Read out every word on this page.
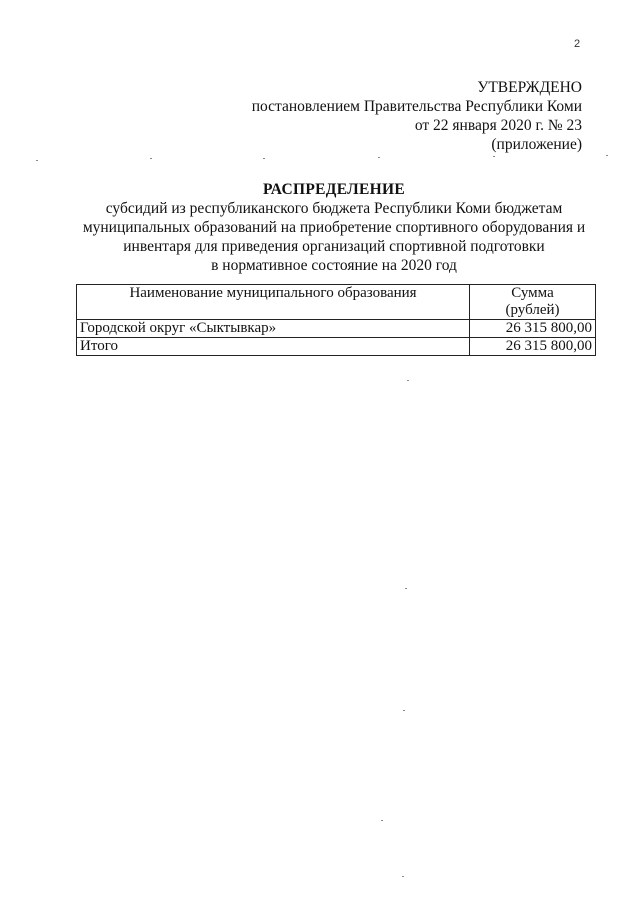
2
УТВЕРЖДЕНО
постановлением Правительства Республики Коми
от 22 января 2020 г. № 23
(приложение)
РАСПРЕДЕЛЕНИЕ
субсидий из республиканского бюджета Республики Коми бюджетам
муниципальных образований на приобретение спортивного оборудования и
инвентаря для приведения организаций спортивной подготовки
в нормативное состояние на 2020 год
Наименование муниципального образования	Сумма
(рублей)

Городской округ «Сыктывкар»	26 315 800,00
Итого	26 315 800,00
